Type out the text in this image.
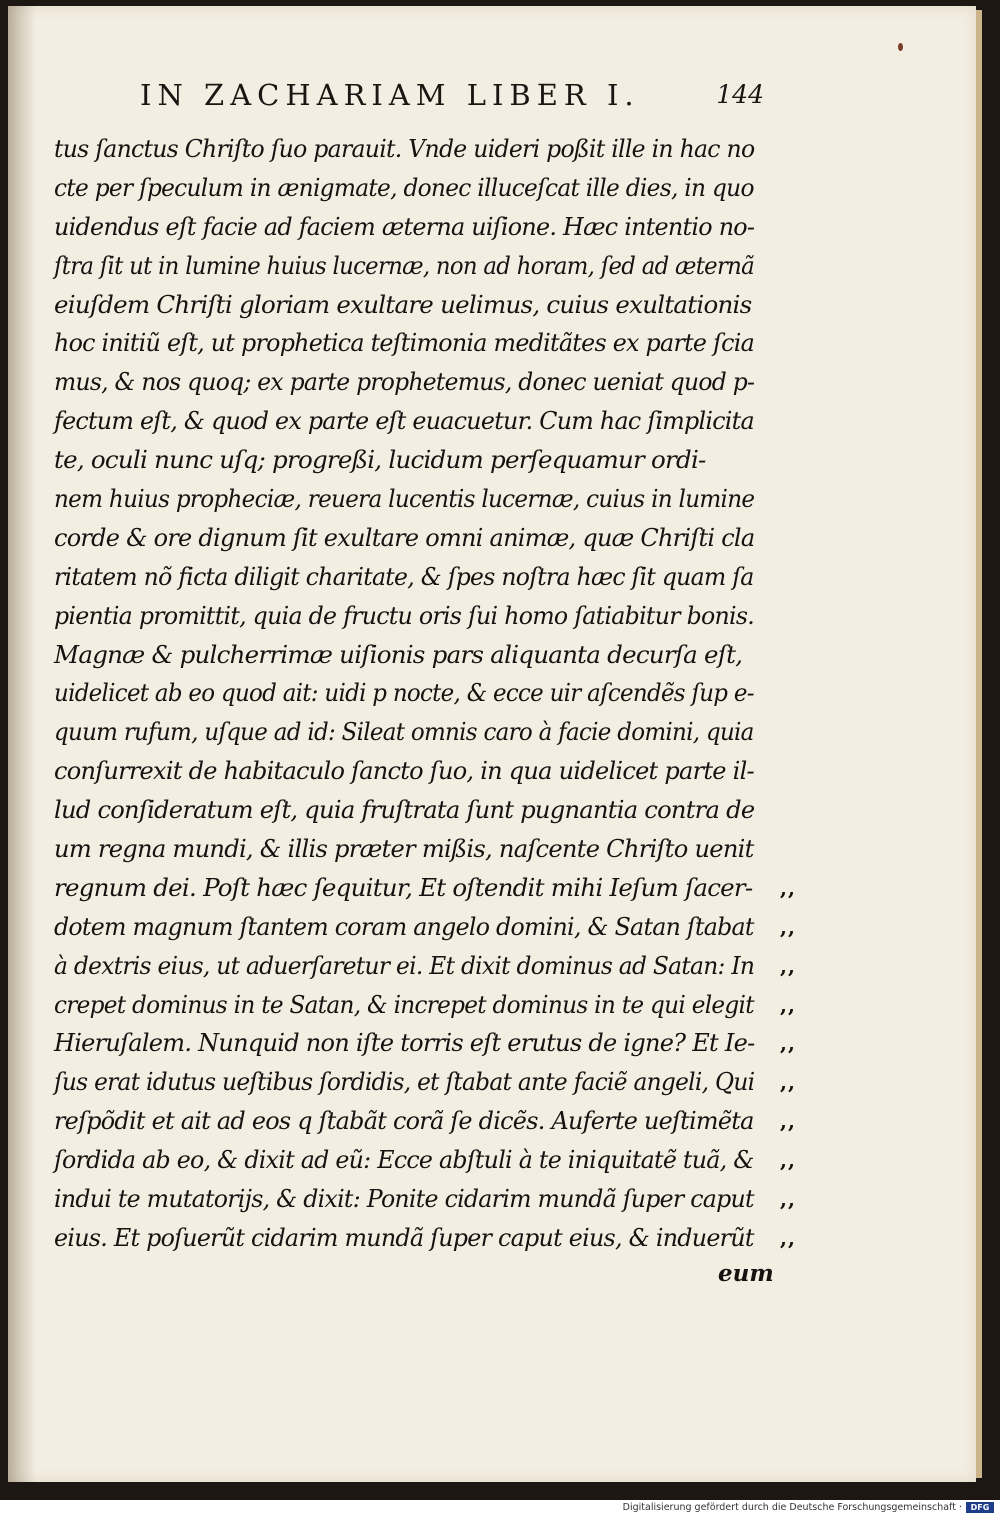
IN ZACHARIAM LIBER I.	144
tus ſanctus Chriſto ſuo parauit. Vnde uideri poßit ille in hac no
cte per ſpeculum in ænigmate, donec illuceſcat ille dies, in quo
uidendus eſt facie ad faciem æterna uiſione. Hæc intentio no-
ſtra ſit ut in lumine huius lucernæ, non ad horam, ſed ad æternã
eiuſdem Chriſti gloriam exultare uelimus, cuius exultationis
hoc initiũ eſt, ut prophetica teſtimonia meditãtes ex parte ſcia
mus, & nos quoq; ex parte prophetemus, donec ueniat quod p-
fectum eſt, & quod ex parte eſt euacuetur. Cum hac ſimplicita
te, oculi nunc uſq; progreßi, lucidum perſequamur ordi-
nem huius propheciæ, reuera lucentis lucernæ, cuius in lumine
corde & ore dignum ſit exultare omni animæ, quæ Chriſti cla
ritatem nõ ficta diligit charitate, & ſpes noſtra hæc ſit quam ſa
pientia promittit, quia de fructu oris ſui homo ſatiabitur bonis.
Magnæ & pulcherrimæ uiſionis pars aliquanta decurſa eſt,
uidelicet ab eo quod ait: uidi p nocte, & ecce uir aſcendẽs ſup e-
quum rufum, uſque ad id: Sileat omnis caro à facie domini, quia
conſurrexit de habitaculo ſancto ſuo, in qua uidelicet parte il-
lud conſideratum eſt, quia fruſtrata ſunt pugnantia contra de
um regna mundi, & illis præter mißis, naſcente Chriſto uenit
regnum dei. Poſt hæc ſequitur, Et oſtendit mihi Ieſum ſacer- ,,
dotem magnum ſtantem coram angelo domini, & Satan ſtabat ,,
à dextris eius, ut aduerſaretur ei. Et dixit dominus ad Satan: In ,,
crepet dominus in te Satan, & increpet dominus in te qui elegit ,,
Hieruſalem. Nunquid non iſte torris eſt erutus de igne? Et Ie- ,,
ſus erat idutus ueſtibus ſordidis, et ſtabat ante faciẽ angeli, Qui ,,
reſpõdit et ait ad eos q ſtabãt corã ſe dicẽs. Auferte ueſtimẽta ,,
ſordida ab eo, & dixit ad eũ: Ecce abſtuli à te iniquitatẽ tuã, & ,,
indui te mutatorijs, & dixit: Ponite cidarim mundã ſuper caput ,,
eius. Et poſuerũt cidarim mundã ſuper caput eius, & induerũt ,,
eum
Digitalisierung gefördert durch die Deutsche Forschungsgemeinschaft ·	DFG
